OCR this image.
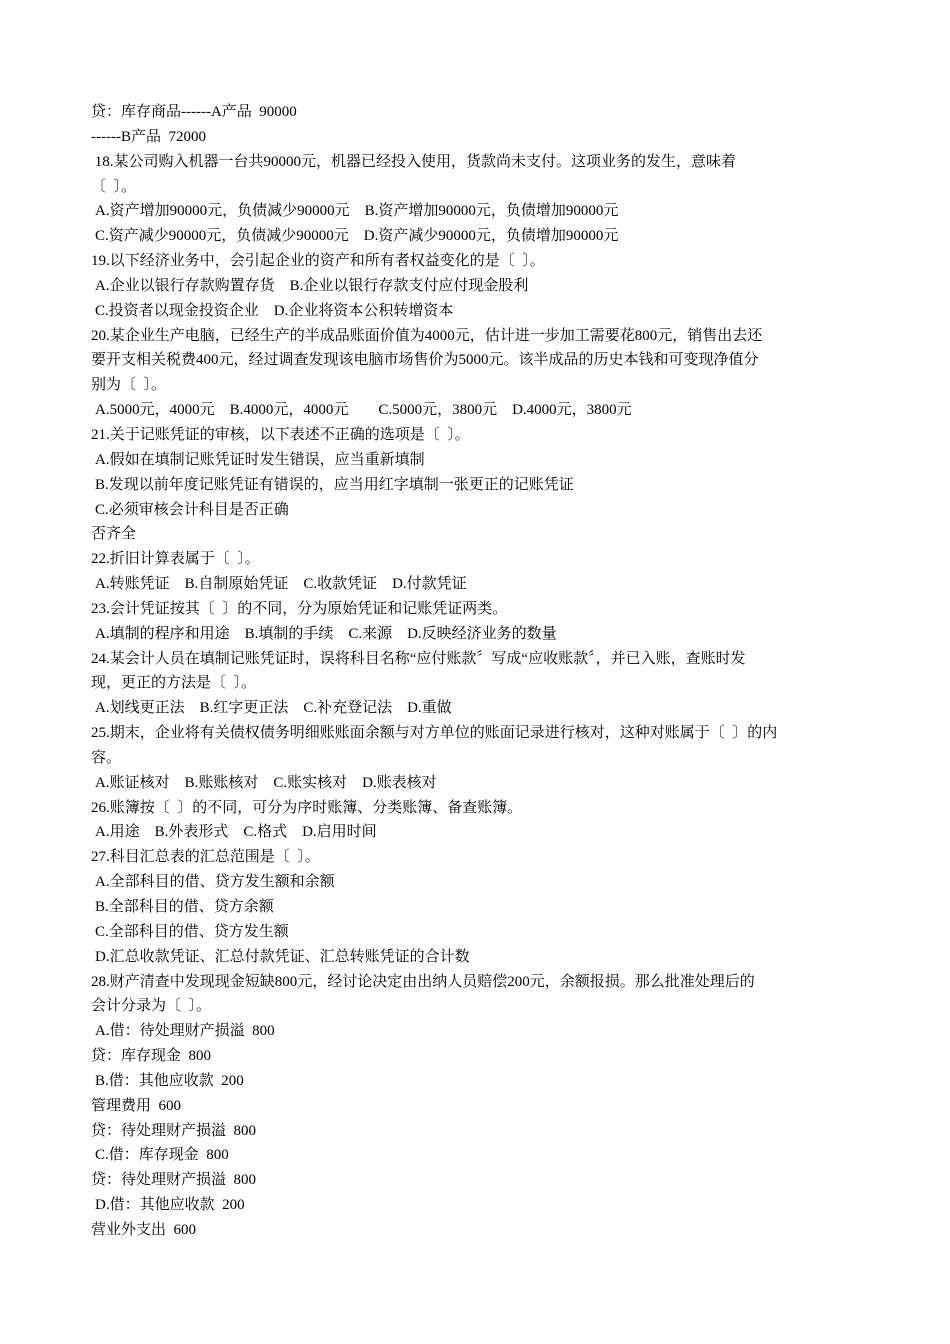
贷：库存商品------A产品  90000

------B产品  72000

18.某公司购入机器一台共90000元，机器已经投入使用，货款尚未支付。这项业务的发生，意味着

〔  〕。

A.资产增加90000元，负债减少90000元    B.资产增加90000元，负债增加90000元

C.资产减少90000元，负债减少90000元    D.资产减少90000元，负债增加90000元

19.以下经济业务中，会引起企业的资产和所有者权益变化的是〔  〕。

A.企业以银行存款购置存货    B.企业以银行存款支付应付现金股利

C.投资者以现金投资企业    D.企业将资本公积转增资本

20.某企业生产电脑，已经生产的半成品账面价值为4000元，估计进一步加工需要花800元，销售出去还

要开支相关税费400元，经过调查发现该电脑市场售价为5000元。该半成品的历史本钱和可变现净值分

别为〔  〕。

A.5000元，4000元    B.4000元，4000元        C.5000元，3800元    D.4000元，3800元

21.关于记账凭证的审核，以下表述不正确的选项是〔  〕。

A.假如在填制记账凭证时发生错误，应当重新填制

B.发现以前年度记账凭证有错误的，应当用红字填制一张更正的记账凭证

C.必须审核会计科目是否正确

否齐全

22.折旧计算表属于〔  〕。

A.转账凭证    B.自制原始凭证    C.收款凭证    D.付款凭证

23.会计凭证按其〔  〕的不同，分为原始凭证和记账凭证两类。

A.填制的程序和用途    B.填制的手续    C.来源    D.反映经济业务的数量

24.某会计人员在填制记账凭证时，误将科目名称“应付账款〞写成“应收账款〞，并已入账，查账时发

现，更正的方法是〔  〕。

A.划线更正法    B.红字更正法    C.补充登记法    D.重做

25.期末，企业将有关债权债务明细账账面余额与对方单位的账面记录进行核对，这种对账属于〔  〕的内

容。

A.账证核对    B.账账核对    C.账实核对    D.账表核对

26.账簿按〔  〕的不同，可分为序时账簿、分类账簿、备查账簿。

A.用途    B.外表形式    C.格式    D.启用时间

27.科目汇总表的汇总范围是〔  〕。

A.全部科目的借、贷方发生额和余额

B.全部科目的借、贷方余额

C.全部科目的借、贷方发生额

D.汇总收款凭证、汇总付款凭证、汇总转账凭证的合计数

28.财产清查中发现现金短缺800元，经讨论决定由出纳人员赔偿200元，余额报损。那么批准处理后的

会计分录为〔  〕。

A.借：待处理财产损溢  800

贷：库存现金  800

B.借：其他应收款  200

管理费用  600

贷：待处理财产损溢  800

C.借：库存现金  800

贷：待处理财产损溢  800

D.借：其他应收款  200

营业外支出  600
